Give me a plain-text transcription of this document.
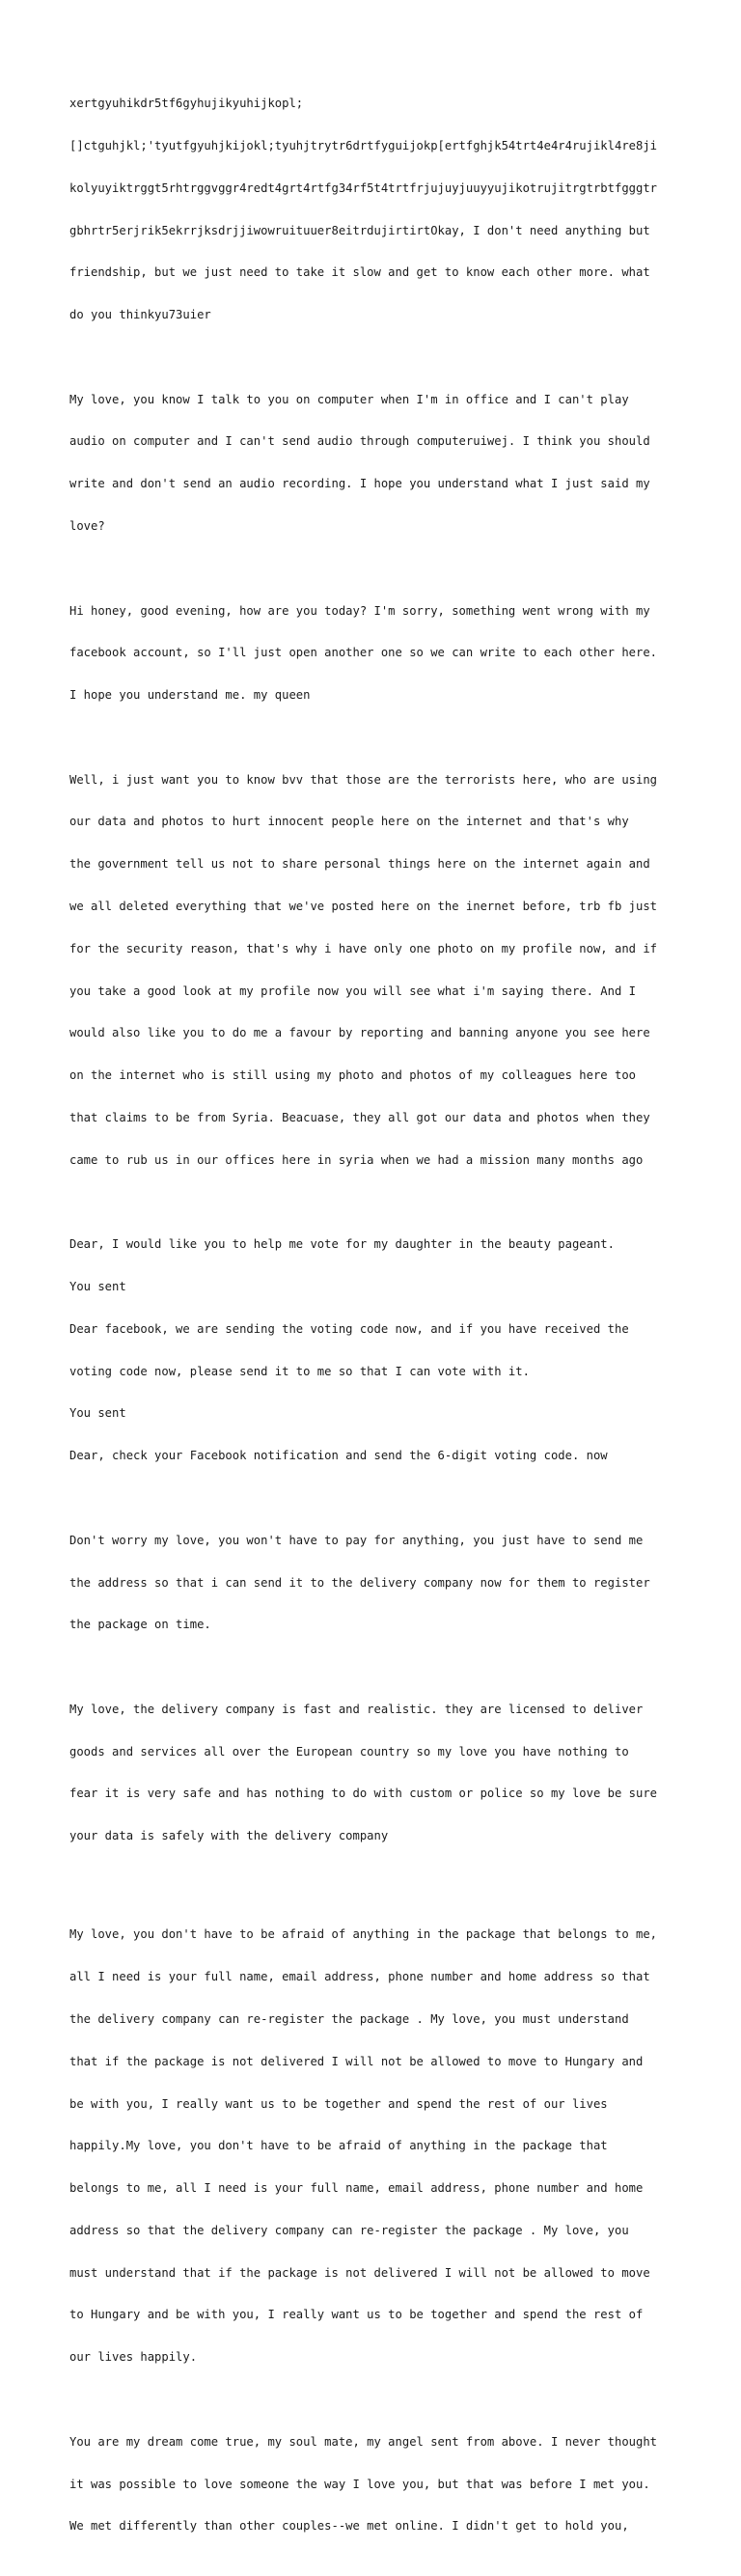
xertgyuhikdr5tf6gyhujikyuhijkopl;

[]ctguhjkl;'tyutfgyuhjkijokl;tyuhjtrytr6drtfyguijokp[ertfghjk54trt4e4r4rujikl4re8ji

kolyuyiktrggt5rhtrggvggr4redt4grt4rtfg34rf5t4trtfrjujuyjuuyyujikotrujitrgtrbtfgggtr

gbhrtr5erjrik5ekrrjksdrjjiwowruituuer8eitrdujirtirtOkay, I don't need anything but

friendship, but we just need to take it slow and get to know each other more. what

do you thinkyu73uier

My love, you know I talk to you on computer when I'm in office and I can't play

audio on computer and I can't send audio through computeruiwej. I think you should

write and don't send an audio recording. I hope you understand what I just said my

love?

Hi honey, good evening, how are you today? I'm sorry, something went wrong with my

facebook account, so I'll just open another one so we can write to each other here.

I hope you understand me. my queen

Well, i just want you to know bvv that those are the terrorists here, who are using

our data and photos to hurt innocent people here on the internet and that's why

the government tell us not to share personal things here on the internet again and

we all deleted everything that we've posted here on the inernet before, trb fb just

for the security reason, that's why i have only one photo on my profile now, and if

you take a good look at my profile now you will see what i'm saying there. And I

would also like you to do me a favour by reporting and banning anyone you see here

on the internet who is still using my photo and photos of my colleagues here too

that claims to be from Syria. Beacuase, they all got our data and photos when they

came to rub us in our offices here in syria when we had a mission many months ago

Dear, I would like you to help me vote for my daughter in the beauty pageant.

You sent

Dear facebook, we are sending the voting code now, and if you have received the

voting code now, please send it to me so that I can vote with it.

You sent

Dear, check your Facebook notification and send the 6-digit voting code. now

Don't worry my love, you won't have to pay for anything, you just have to send me

the address so that i can send it to the delivery company now for them to register

the package on time.

My love, the delivery company is fast and realistic. they are licensed to deliver

goods and services all over the European country so my love you have nothing to

fear it is very safe and has nothing to do with custom or police so my love be sure

your data is safely with the delivery company

My love, you don't have to be afraid of anything in the package that belongs to me,

all I need is your full name, email address, phone number and home address so that

the delivery company can re-register the package . My love, you must understand

that if the package is not delivered I will not be allowed to move to Hungary and

be with you, I really want us to be together and spend the rest of our lives

happily.My love, you don't have to be afraid of anything in the package that

belongs to me, all I need is your full name, email address, phone number and home

address so that the delivery company can re-register the package . My love, you

must understand that if the package is not delivered I will not be allowed to move

to Hungary and be with you, I really want us to be together and spend the rest of

our lives happily.

You are my dream come true, my soul mate, my angel sent from above. I never thought

it was possible to love someone the way I love you, but that was before I met you.

We met differently than other couples--we met online. I didn't get to hold you,
